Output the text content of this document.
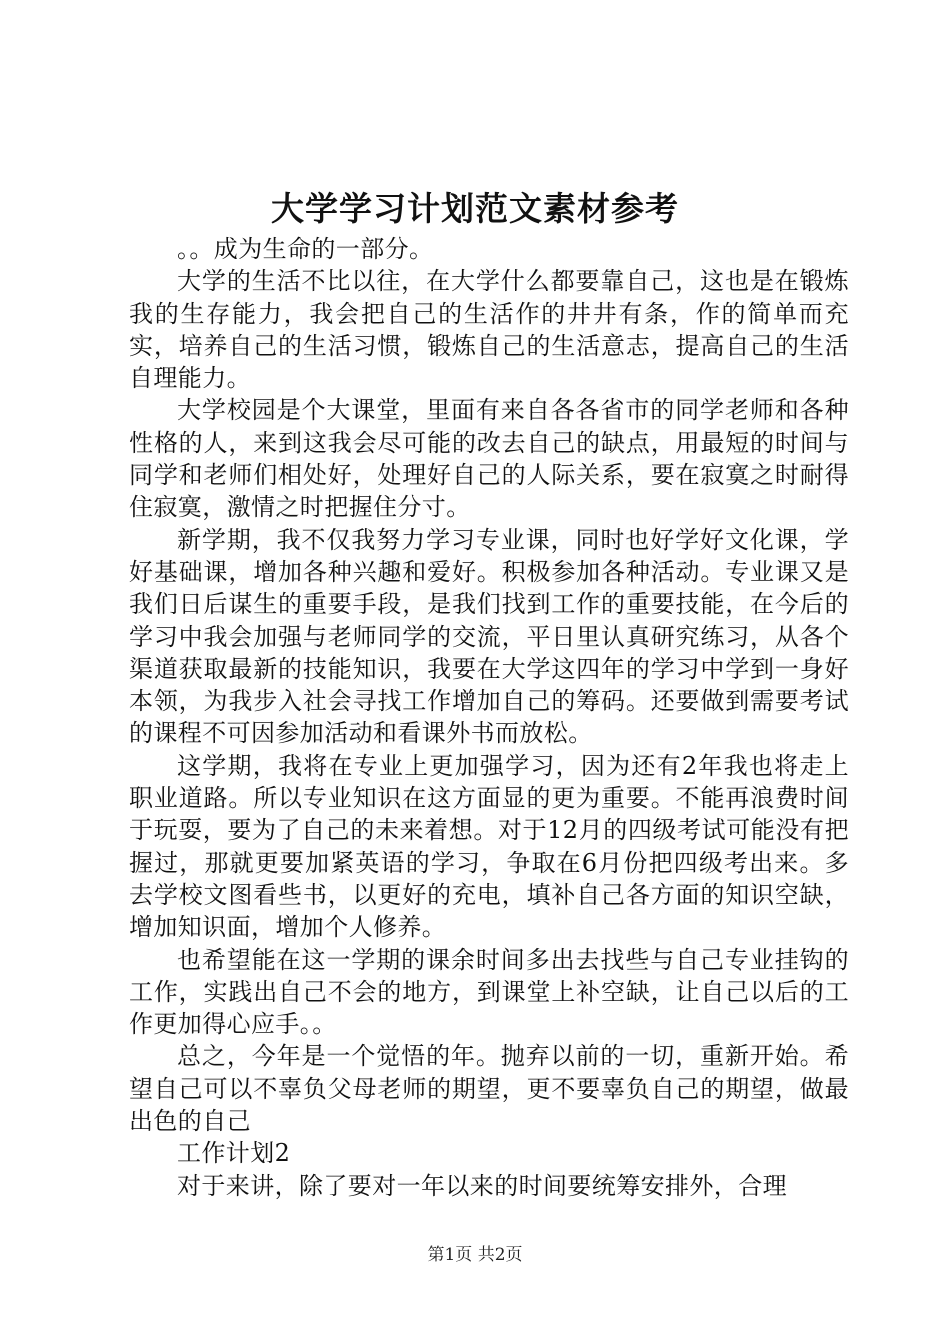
大学学习计划范文素材参考

。。成为生命的一部分。

大学的生活不比以往，在大学什么都要靠自己，这也是在锻炼我的生存能力，我会把自己的生活作的井井有条，作的简单而充实，培养自己的生活习惯，锻炼自己的生活意志，提高自己的生活自理能力。

大学校园是个大课堂，里面有来自各各省市的同学老师和各种性格的人，来到这我会尽可能的改去自己的缺点，用最短的时间与同学和老师们相处好，处理好自己的人际关系，要在寂寞之时耐得住寂寞，激情之时把握住分寸。

新学期，我不仅我努力学习专业课，同时也好学好文化课，学好基础课，增加各种兴趣和爱好。积极参加各种活动。专业课又是我们日后谋生的重要手段，是我们找到工作的重要技能，在今后的学习中我会加强与老师同学的交流，平日里认真研究练习，从各个渠道获取最新的技能知识，我要在大学这四年的学习中学到一身好本领，为我步入社会寻找工作增加自己的筹码。还要做到需要考试的课程不可因参加活动和看课外书而放松。

这学期，我将在专业上更加强学习，因为还有2年我也将走上职业道路。所以专业知识在这方面显的更为重要。不能再浪费时间于玩耍，要为了自己的未来着想。对于12月的四级考试可能没有把握过，那就更要加紧英语的学习，争取在6月份把四级考出来。多去学校文图看些书，以更好的充电，填补自己各方面的知识空缺，增加知识面，增加个人修养。

也希望能在这一学期的课余时间多出去找些与自己专业挂钩的工作，实践出自己不会的地方，到课堂上补空缺，让自己以后的工作更加得心应手。。

总之，今年是一个觉悟的年。抛弃以前的一切，重新开始。希望自己可以不辜负父母老师的期望，更不要辜负自己的期望，做最出色的自己

工作计划2

对于来讲，除了要对一年以来的时间要统筹安排外，合理

第1页 共2页
